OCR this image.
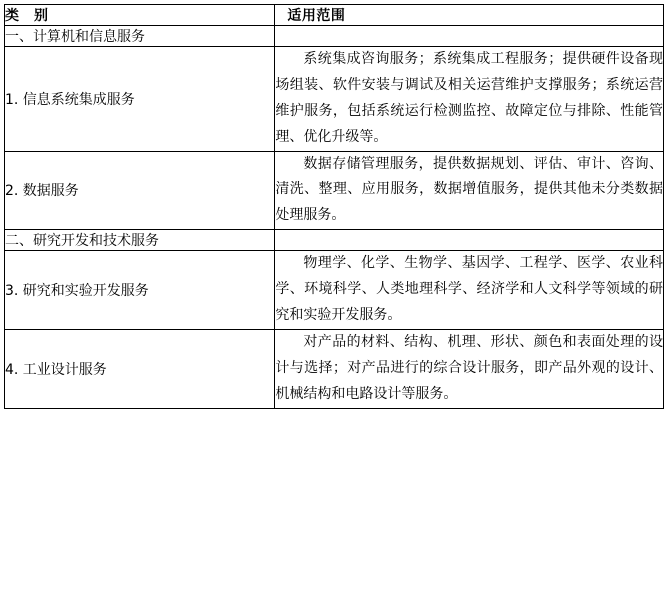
类　别	适用范围
一、计算机和信息服务	
1. 信息系统集成服务	系统集成咨询服务；系统集成工程服务；提供硬件设备现场组装、软件安装与调试及相关运营维护支撑服务；系统运营维护服务，包括系统运行检测监控、故障定位与排除、性能管理、优化升级等。

2. 数据服务	数据存储管理服务，提供数据规划、评估、审计、咨询、清洗、整理、应用服务，数据增值服务，提供其他未分类数据处理服务。

二、研究开发和技术服务	
3. 研究和实验开发服务	物理学、化学、生物学、基因学、工程学、医学、农业科学、环境科学、人类地理科学、经济学和人文科学等领域的研究和实验开发服务。

4. 工业设计服务	对产品的材料、结构、机理、形状、颜色和表面处理的设计与选择；对产品进行的综合设计服务，即产品外观的设计、机械结构和电路设计等服务。
